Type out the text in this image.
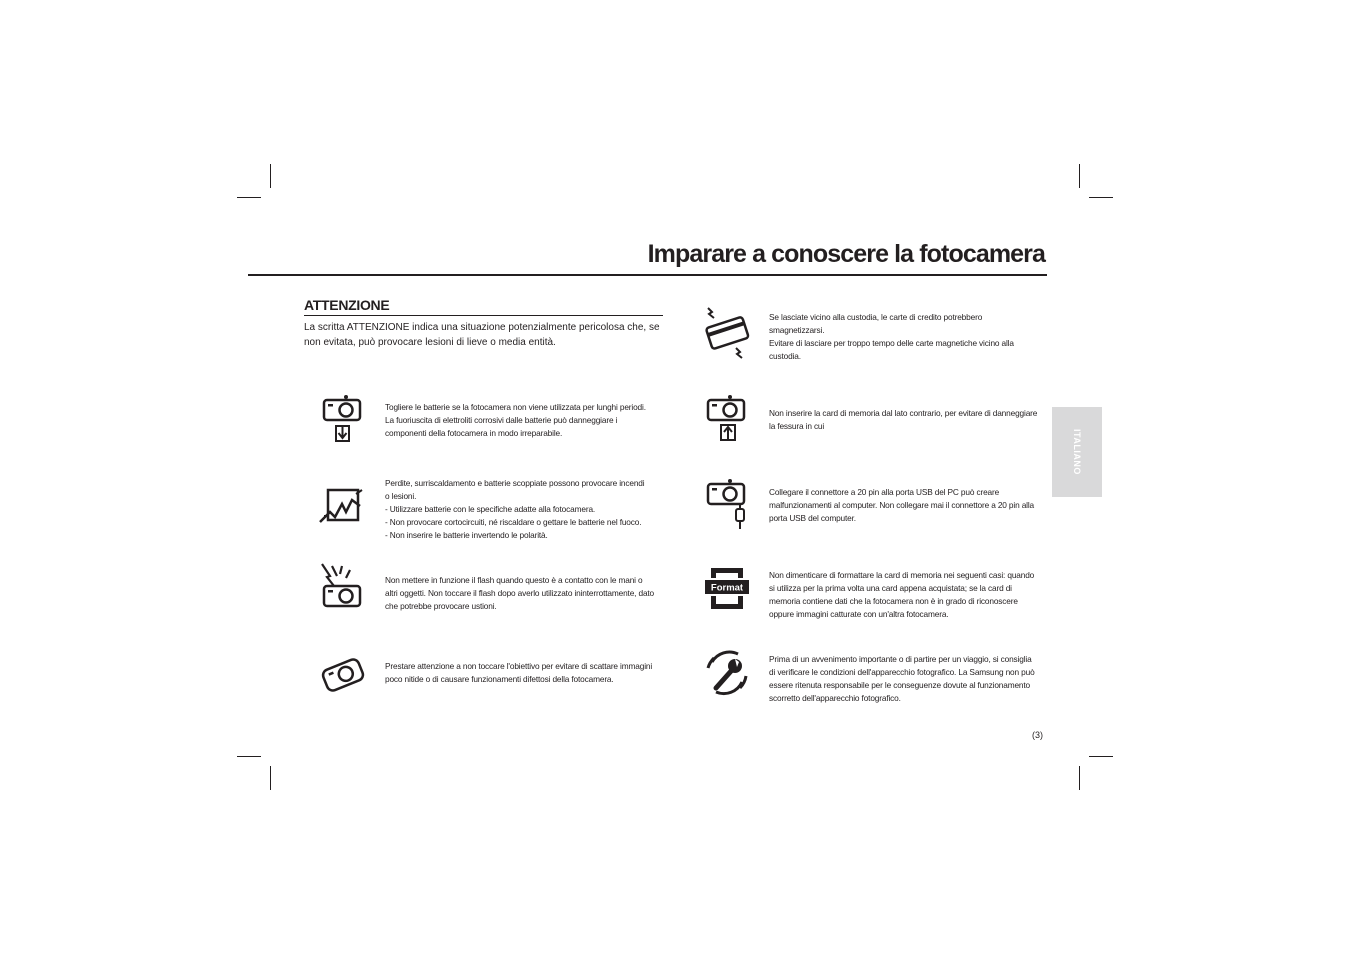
Imparare a conoscere la fotocamera
ATTENZIONE
La scritta ATTENZIONE indica una situazione potenzialmente pericolosa che, se
non evitata, può provocare lesioni di lieve o media entità.
ITALIANO
Togliere le batterie se la fotocamera non viene utilizzata per lunghi periodi.
La fuoriuscita di elettroliti corrosivi dalle batterie può danneggiare i
componenti della fotocamera in modo irreparabile.
Perdite, surriscaldamento e batterie scoppiate possono provocare incendi
o lesioni.
- Utilizzare batterie con le specifiche adatte alla fotocamera.
- Non provocare cortocircuiti, né riscaldare o gettare le batterie nel fuoco.
- Non inserire le batterie invertendo le polarità.
Non mettere in funzione il flash quando questo è a contatto con le mani o
altri oggetti. Non toccare il flash dopo averlo utilizzato ininterrottamente, dato
che potrebbe provocare ustioni.
Prestare attenzione a non toccare l'obiettivo per evitare di scattare immagini
poco nitide o di causare funzionamenti difettosi della fotocamera.
Se lasciate vicino alla custodia, le carte di credito potrebbero
smagnetizzarsi.
Evitare di lasciare per troppo tempo delle carte magnetiche vicino alla
custodia.
Non inserire la card di memoria dal lato contrario, per evitare di danneggiare
la fessura in cui
Collegare il connettore a 20 pin alla porta USB del PC può creare
malfunzionamenti al computer. Non collegare mai il connettore a 20 pin alla
porta USB del computer.
Format
Non dimenticare di formattare la card di memoria nei seguenti casi: quando
si utilizza per la prima volta una card appena acquistata; se la card di
memoria contiene dati che la fotocamera non è in grado di riconoscere
oppure immagini catturate con un'altra fotocamera.
Prima di un avvenimento importante o di partire per un viaggio, si consiglia
di verificare le condizioni dell'apparecchio fotografico. La Samsung non può
essere ritenuta responsabile per le conseguenze dovute al funzionamento
scorretto dell'apparecchio fotografico.
(3)
